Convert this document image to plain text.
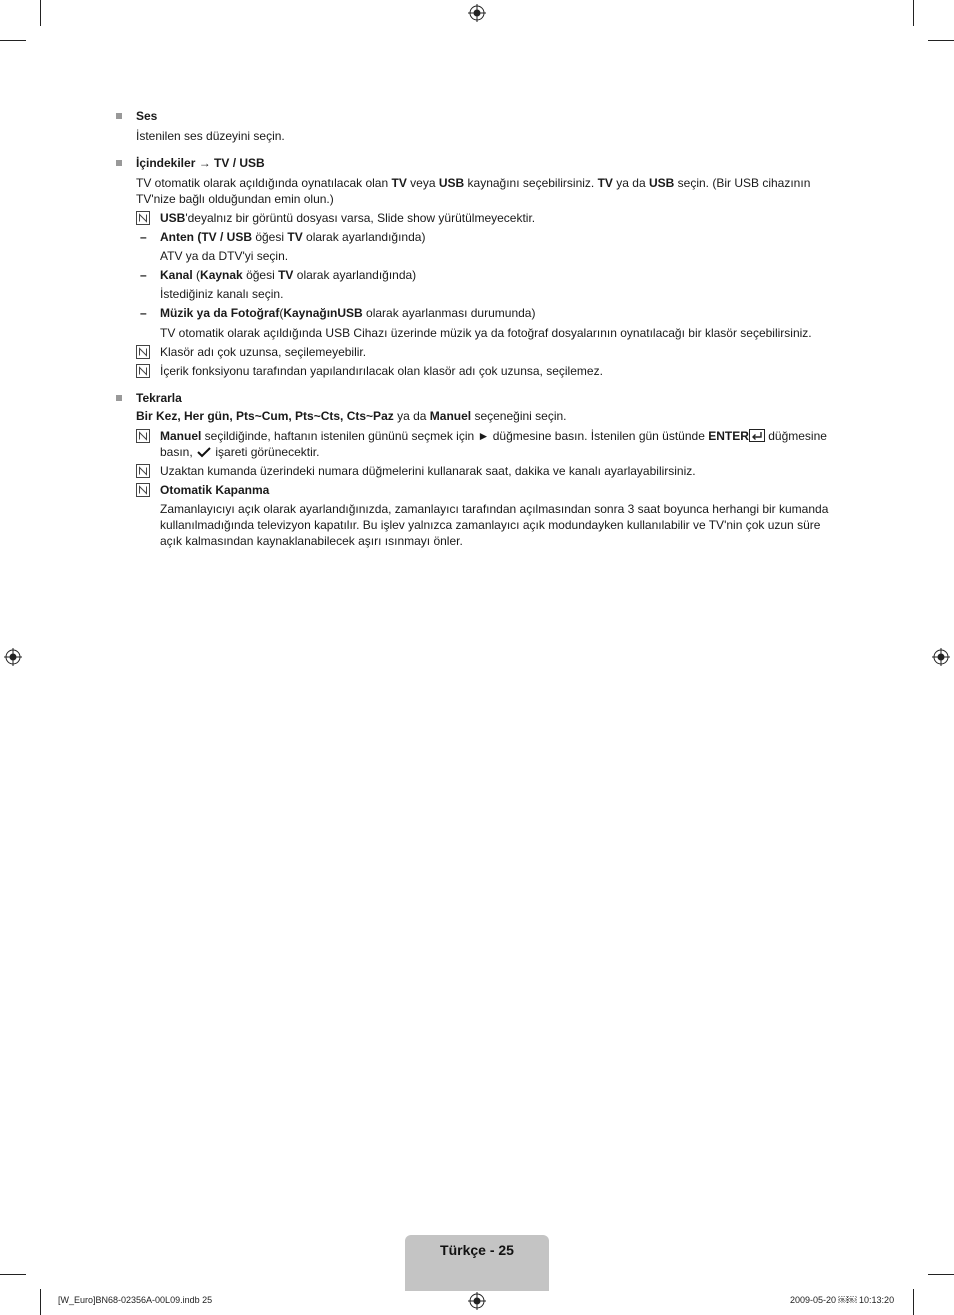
Ses

İstenilen ses düzeyini seçin.

İçindekiler → TV / USB

TV otomatik olarak açıldığında oynatılacak olan TV veya USB kaynağını seçebilirsiniz. TV ya da USB seçin. (Bir USB cihazının

TV'nize bağlı olduğundan emin olun.)

USB'deyalnız bir görüntü dosyası varsa, Slide show yürütülmeyecektir.

– Anten (TV / USB öğesi TV olarak ayarlandığında)

ATV ya da DTV'yi seçin.

– Kanal (Kaynak öğesi TV olarak ayarlandığında)

İstediğiniz kanalı seçin.

– Müzik ya da Fotoğraf(KaynağınUSB olarak ayarlanması durumunda)

TV otomatik olarak açıldığında USB Cihazı üzerinde müzik ya da fotoğraf dosyalarının oynatılacağı bir klasör seçebilirsiniz.

Klasör adı çok uzunsa, seçilemeyebilir.

İçerik fonksiyonu tarafından yapılandırılacak olan klasör adı çok uzunsa, seçilemez.

Tekrarla

Bir Kez, Her gün, Pts~Cum, Pts~Cts, Cts~Paz ya da Manuel seçeneğini seçin.

Manuel seçildiğinde, haftanın istenilen gününü seçmek için ► düğmesine basın. İstenilen gün üstünde ENTER düğmesine

basın,  işareti görünecektir.

Uzaktan kumanda üzerindeki numara düğmelerini kullanarak saat, dakika ve kanalı ayarlayabilirsiniz.

Otomatik Kapanma

Zamanlayıcıyı açık olarak ayarlandığınızda, zamanlayıcı tarafından açılmasından sonra 3 saat boyunca herhangi bir kumanda

kullanılmadığında televizyon kapatılır. Bu işlev yalnızca zamanlayıcı açık modundayken kullanılabilir ve TV'nin çok uzun süre

açık kalmasından kaynaklanabilecek aşırı ısınmayı önler.

Türkçe - 25
[W_Euro]BN68-02356A-00L09.indb 25	2009-05-20 ￼￼ 10:13:20
